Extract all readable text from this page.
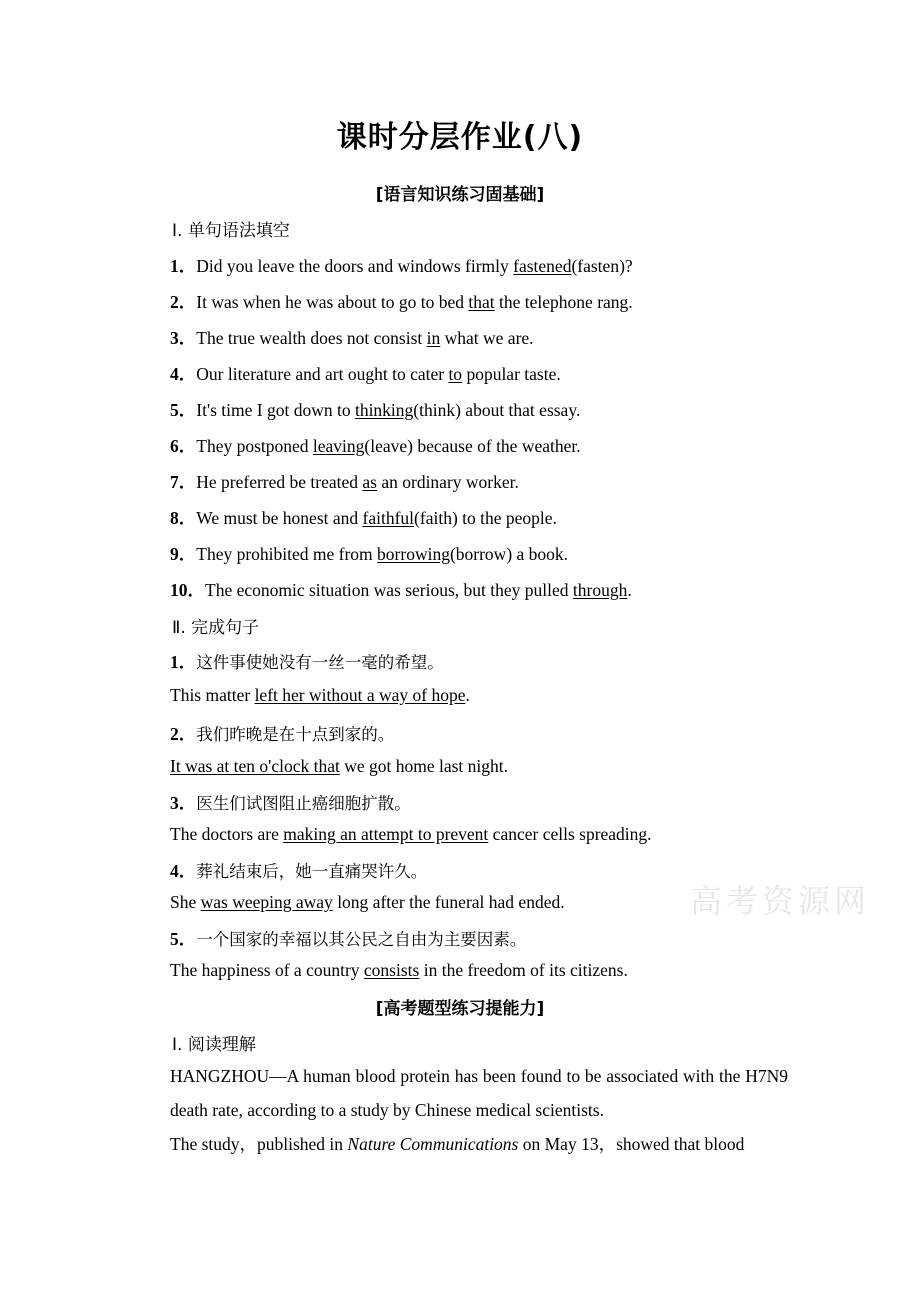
课时分层作业(八)
[语言知识练习固基础]
Ⅰ. 单句语法填空
1．Did you leave the doors and windows firmly fastened(fasten)?
2．It was when he was about to go to bed that the telephone rang.
3．The true wealth does not consist in what we are.
4．Our literature and art ought to cater to popular taste.
5．It's time I got down to thinking(think) about that essay.
6．They postponed leaving(leave) because of the weather.
7．He preferred be treated as an ordinary worker.
8．We must be honest and faithful(faith) to the people.
9．They prohibited me from borrowing(borrow) a book.
10．The economic situation was serious, but they pulled through.
Ⅱ. 完成句子
1．这件事使她没有一丝一毫的希望。
This matter left her without a way of hope.
2．我们昨晚是在十点到家的。
It was at ten o'clock that we got home last night.
3．医生们试图阻止癌细胞扩散。
The doctors are making an attempt to prevent cancer cells spreading.
4．葬礼结束后，她一直痛哭许久。
She was weeping away long after the funeral had ended.
5．一个国家的幸福以其公民之自由为主要因素。
The happiness of a country consists in the freedom of its citizens.
高考资源网
[高考题型练习提能力]
Ⅰ. 阅读理解
HANGZHOU—A human blood protein has been found to be associated with the H7N9 death rate, according to a study by Chinese medical scientists.
The study，published in Nature Communications on May 13，showed that blood
